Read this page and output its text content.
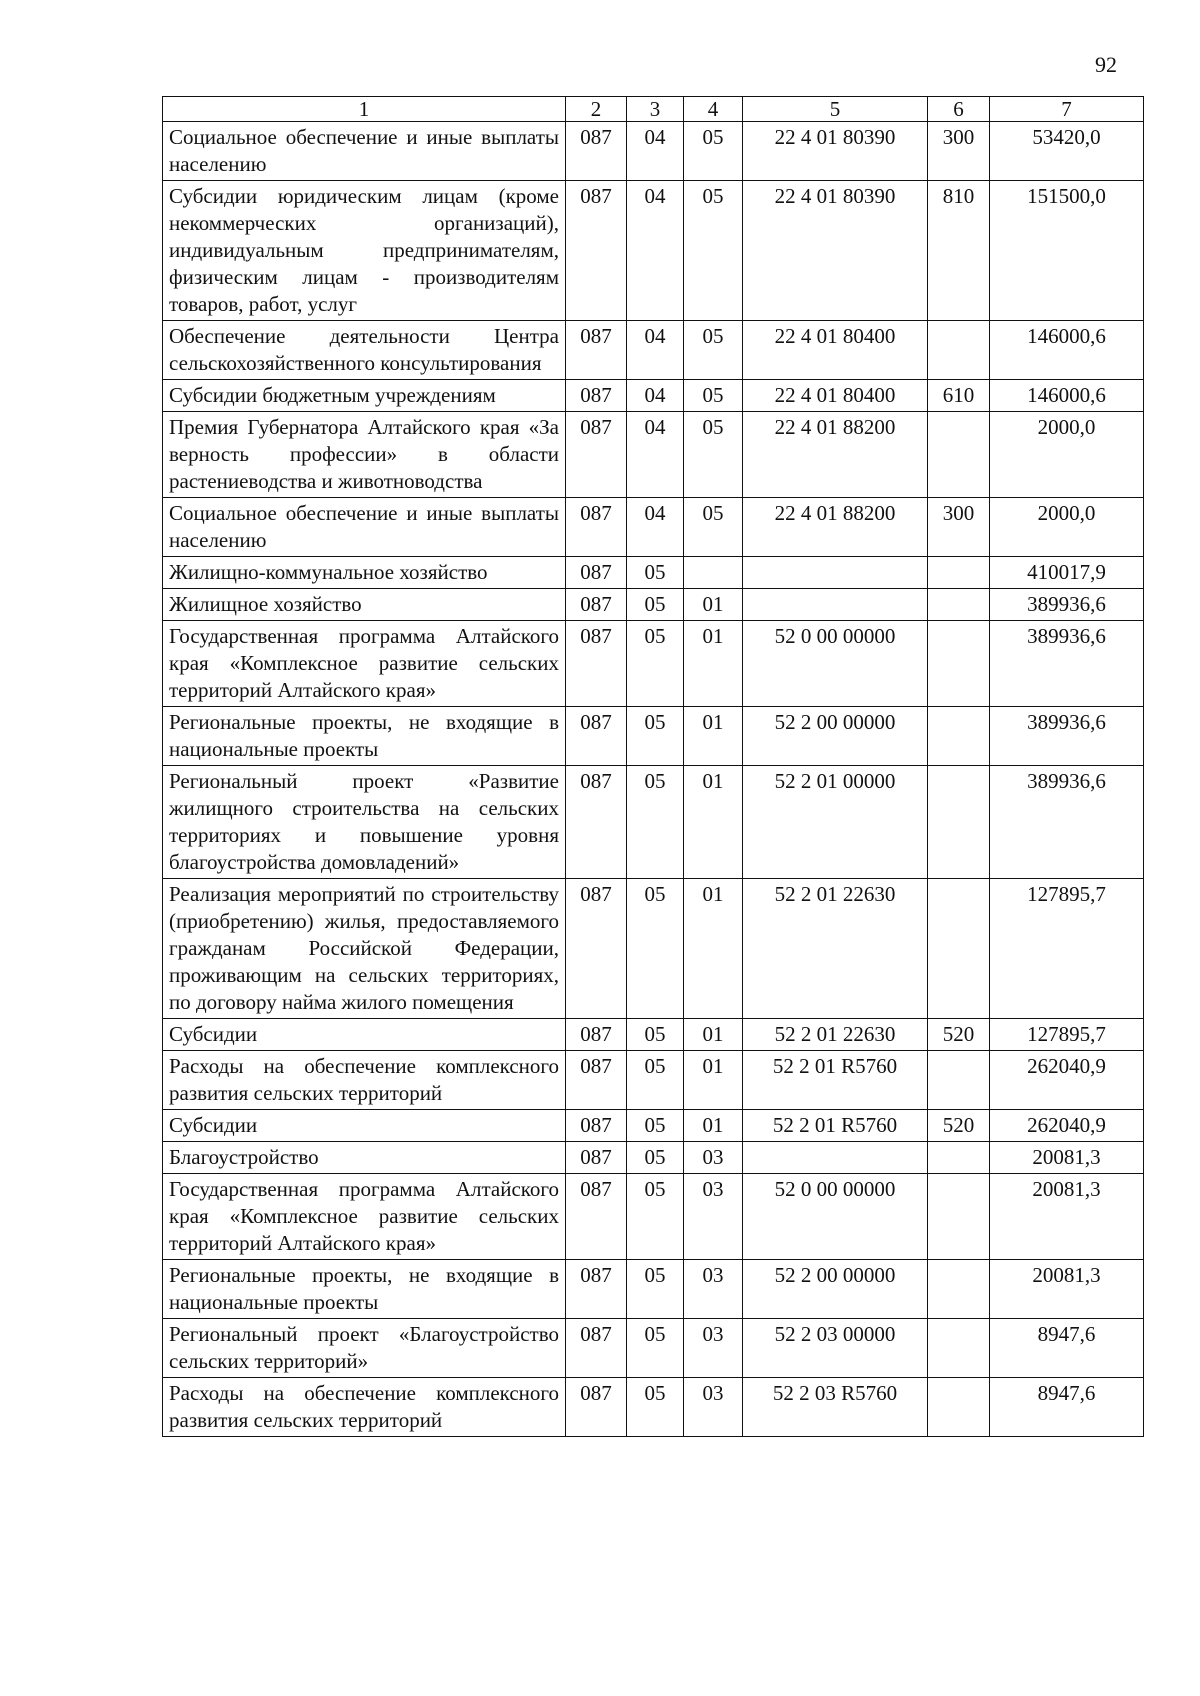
92
1	2	3	4	5	6	7
Социальное обеспечение и иные выплаты населению	087	04	05	22 4 01 80390	300	53420,0
Субсидии юридическим лицам (кроме некоммерческих организаций), индивидуальным предпринимателям, физическим лицам - производителям товаров, работ, услуг	087	04	05	22 4 01 80390	810	151500,0
Обеспечение деятельности Центра сельскохозяйственного консультирования	087	04	05	22 4 01 80400		146000,6
Субсидии бюджетным учреждениям	087	04	05	22 4 01 80400	610	146000,6
Премия Губернатора Алтайского края «За верность профессии» в области растениеводства и животноводства	087	04	05	22 4 01 88200		2000,0
Социальное обеспечение и иные выплаты населению	087	04	05	22 4 01 88200	300	2000,0
Жилищно-коммунальное хозяйство	087	05				410017,9
Жилищное хозяйство	087	05	01			389936,6
Государственная программа Алтайского края «Комплексное развитие сельских территорий Алтайского края»	087	05	01	52 0 00 00000		389936,6
Региональные проекты, не входящие в национальные проекты	087	05	01	52 2 00 00000		389936,6
Региональный проект «Развитие жилищного строительства на сельских территориях и повышение уровня благоустройства домовладений»	087	05	01	52 2 01 00000		389936,6
Реализация мероприятий по строительству (приобретению) жилья, предоставляемого гражданам Российской Федерации, проживающим на сельских территориях, по договору найма жилого помещения	087	05	01	52 2 01 22630		127895,7
Субсидии	087	05	01	52 2 01 22630	520	127895,7
Расходы на обеспечение комплексного развития сельских территорий	087	05	01	52 2 01 R5760		262040,9
Субсидии	087	05	01	52 2 01 R5760	520	262040,9
Благоустройство	087	05	03			20081,3
Государственная программа Алтайского края «Комплексное развитие сельских территорий Алтайского края»	087	05	03	52 0 00 00000		20081,3
Региональные проекты, не входящие в национальные проекты	087	05	03	52 2 00 00000		20081,3
Региональный проект «Благоустройство сельских территорий»	087	05	03	52 2 03 00000		8947,6
Расходы на обеспечение комплексного развития сельских территорий	087	05	03	52 2 03 R5760		8947,6
